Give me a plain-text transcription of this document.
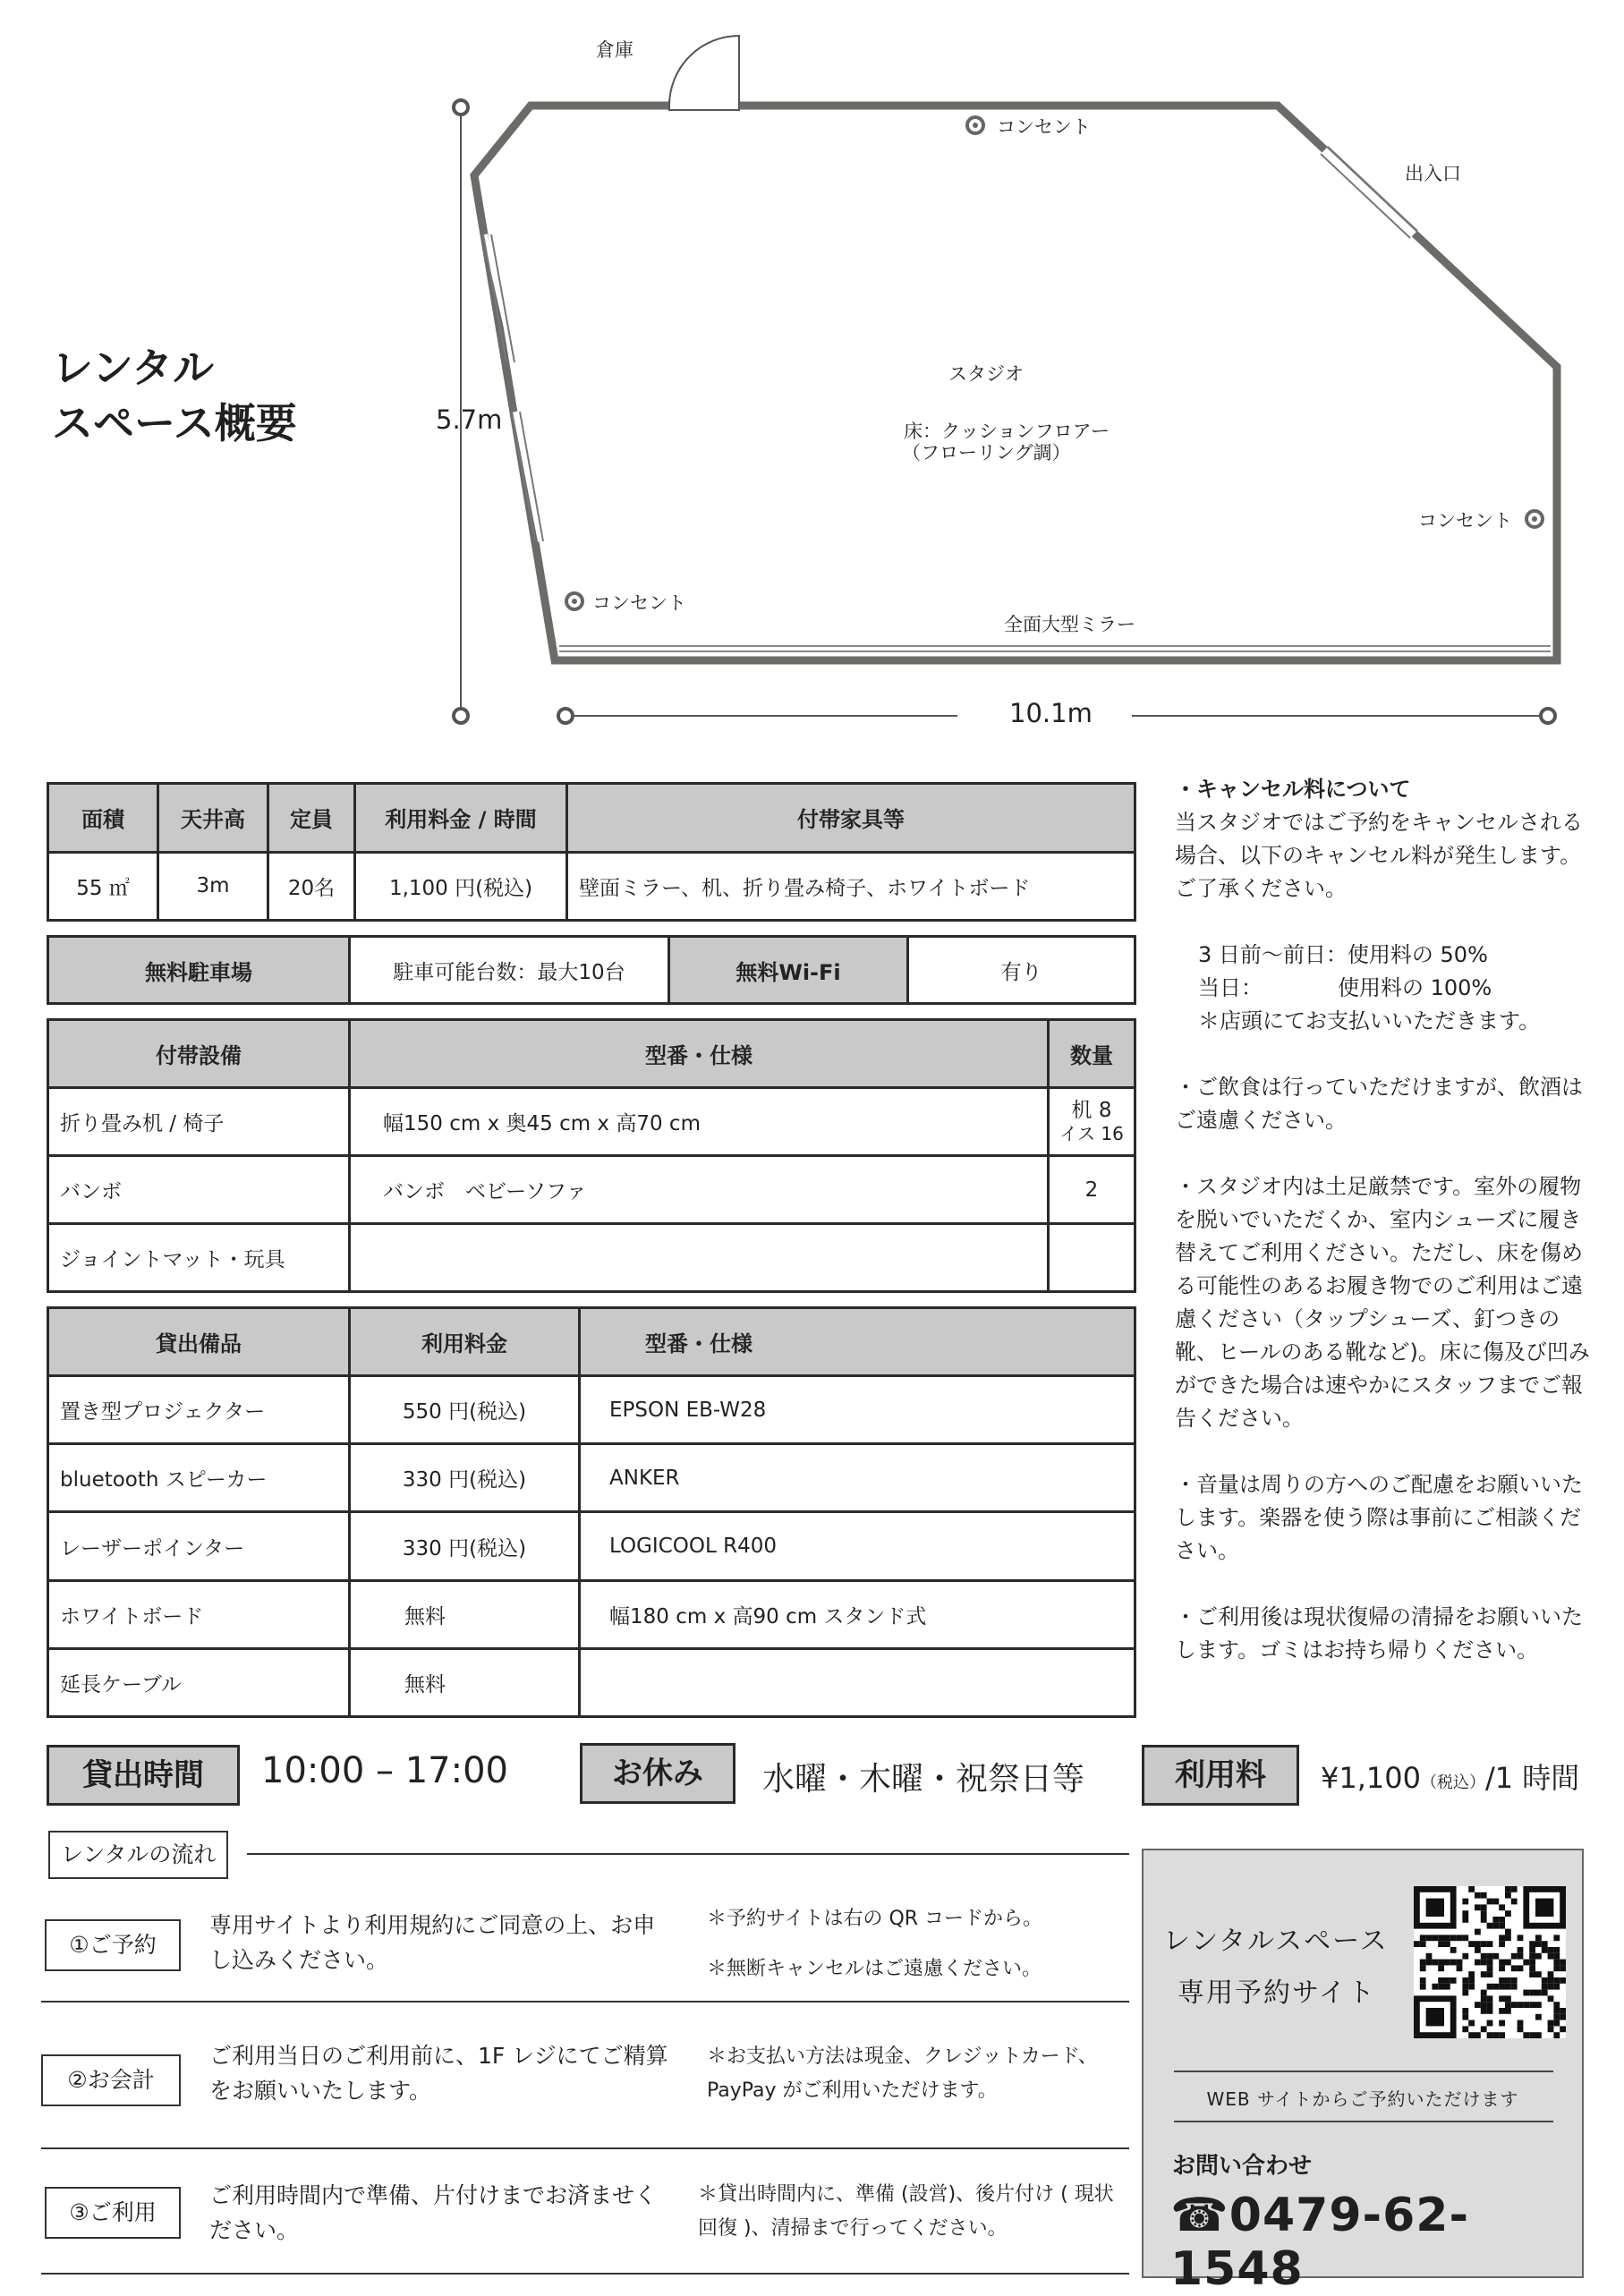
レンタル
スペース概要
倉庫
出入口
スタジオ
床：クッションフロアー
（フローリング調）
コンセント
コンセント
コンセント
全面大型ミラー
5.7m
10.1m
面積	天井高	定員	利用料金 / 時間	付帯家具等
55 ㎡	3m	20名	1,100 円(税込)	壁面ミラー、机、折り畳み椅子、ホワイトボード
無料駐車場	駐車可能台数：最大10台	無料Wi-Fi	有り
付帯設備	型番・仕様	数量
折り畳み机 / 椅子	幅150 cm x 奥45 cm x 高70 cm	机 8
イス 16

バンボ	バンボ　ベビーソファ	2
ジョイントマット・玩具		
貸出備品	利用料金	型番・仕様
置き型プロジェクター	550 円(税込)	EPSON EB-W28
bluetooth スピーカー	330 円(税込)	ANKER
レーザーポインター	330 円(税込)	LOGICOOL R400
ホワイトボード	無料	幅180 cm x 高90 cm スタンド式
延長ケーブル	無料	
・キャンセル料について

当スタジオではご予約をキャンセルされる場合、以下のキャンセル料が発生します。ご了承ください。

3 日前～前日：使用料の 50%
当日：　　　　使用料の 100%

＊店頭にてお支払いいただきます。

・ご飲食は行っていただけますが、飲酒はご遠慮ください。

・スタジオ内は土足厳禁です。室外の履物を脱いでいただくか、室内シューズに履き替えてご利用ください。ただし、床を傷める可能性のあるお履き物でのご利用はご遠慮ください（タップシューズ、釘つきの靴、ヒールのある靴など)。床に傷及び凹みができた場合は速やかにスタッフまでご報告ください。

・音量は周りの方へのご配慮をお願いいたします。楽器を使う際は事前にご相談ください。

・ご利用後は現状復帰の清掃をお願いいたします。ゴミはお持ち帰りください。

貸出時間	10:00 – 17:00	お休み	水曜・木曜・祝祭日等	利用料	¥1,100（税込）/1 時間
レンタルの流れ
①ご予約
専用サイトより利用規約にご同意の上、お申し込みください。
＊予約サイトは右の QR コードから。
＊無断キャンセルはご遠慮ください。
②お会計
ご利用当日のご利用前に、1F レジにてご精算をお願いいたします。
＊お支払い方法は現金、クレジットカード、PayPay がご利用いただけます。
③ご利用
ご利用時間内で準備、片付けまでお済ませください。
＊貸出時間内に、準備 (設営)、後片付け ( 現状回復 )、清掃まで行ってください。
レンタルスペース
専用予約サイト
WEB サイトからご予約いただけます
お問い合わせ
☎0479-62-1548
